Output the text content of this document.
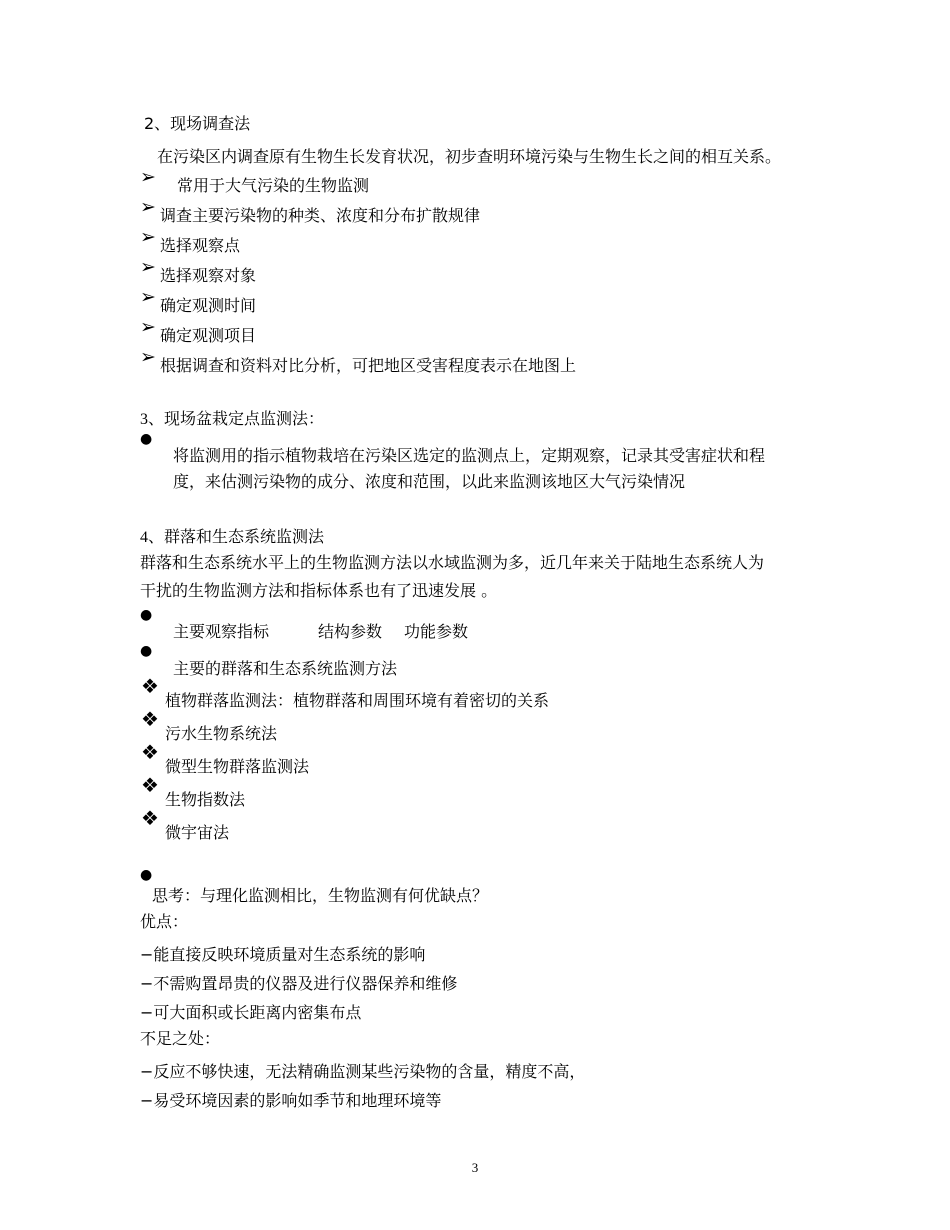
2、现场调查法
在污染区内调查原有生物生长发育状况，初步查明环境污染与生物生长之间的相互关系。
➢ 常用于大气污染的生物监测
➢ 调查主要污染物的种类、浓度和分布扩散规律
➢ 选择观察点
➢ 选择观察对象
➢ 确定观测时间
➢ 确定观测项目
➢ 根据调查和资料对比分析，可把地区受害程度表示在地图上
3、现场盆栽定点监测法：
●
将监测用的指示植物栽培在污染区选定的监测点上，定期观察，记录其受害症状和程
度，来估测污染物的成分、浓度和范围，以此来监测该地区大气污染情况
4、群落和生态系统监测法
群落和生态系统水平上的生物监测方法以水域监测为多，近几年来关于陆地生态系统人为
干扰的生物监测方法和指标体系也有了迅速发展 。
●
主要观察指标	结构参数 功能参数
●
主要的群落和生态系统监测方法
❖
植物群落监测法：植物群落和周围环境有着密切的关系
❖
污水生物系统法
❖
微型生物群落监测法
❖
生物指数法
❖
微宇宙法
●
思考：与理化监测相比，生物监测有何优缺点？
优点：
−能直接反映环境质量对生态系统的影响
−不需购置昂贵的仪器及进行仪器保养和维修
−可大面积或长距离内密集布点
不足之处：
−反应不够快速，无法精确监测某些污染物的含量，精度不高，
−易受环境因素的影响如季节和地理环境等
3
